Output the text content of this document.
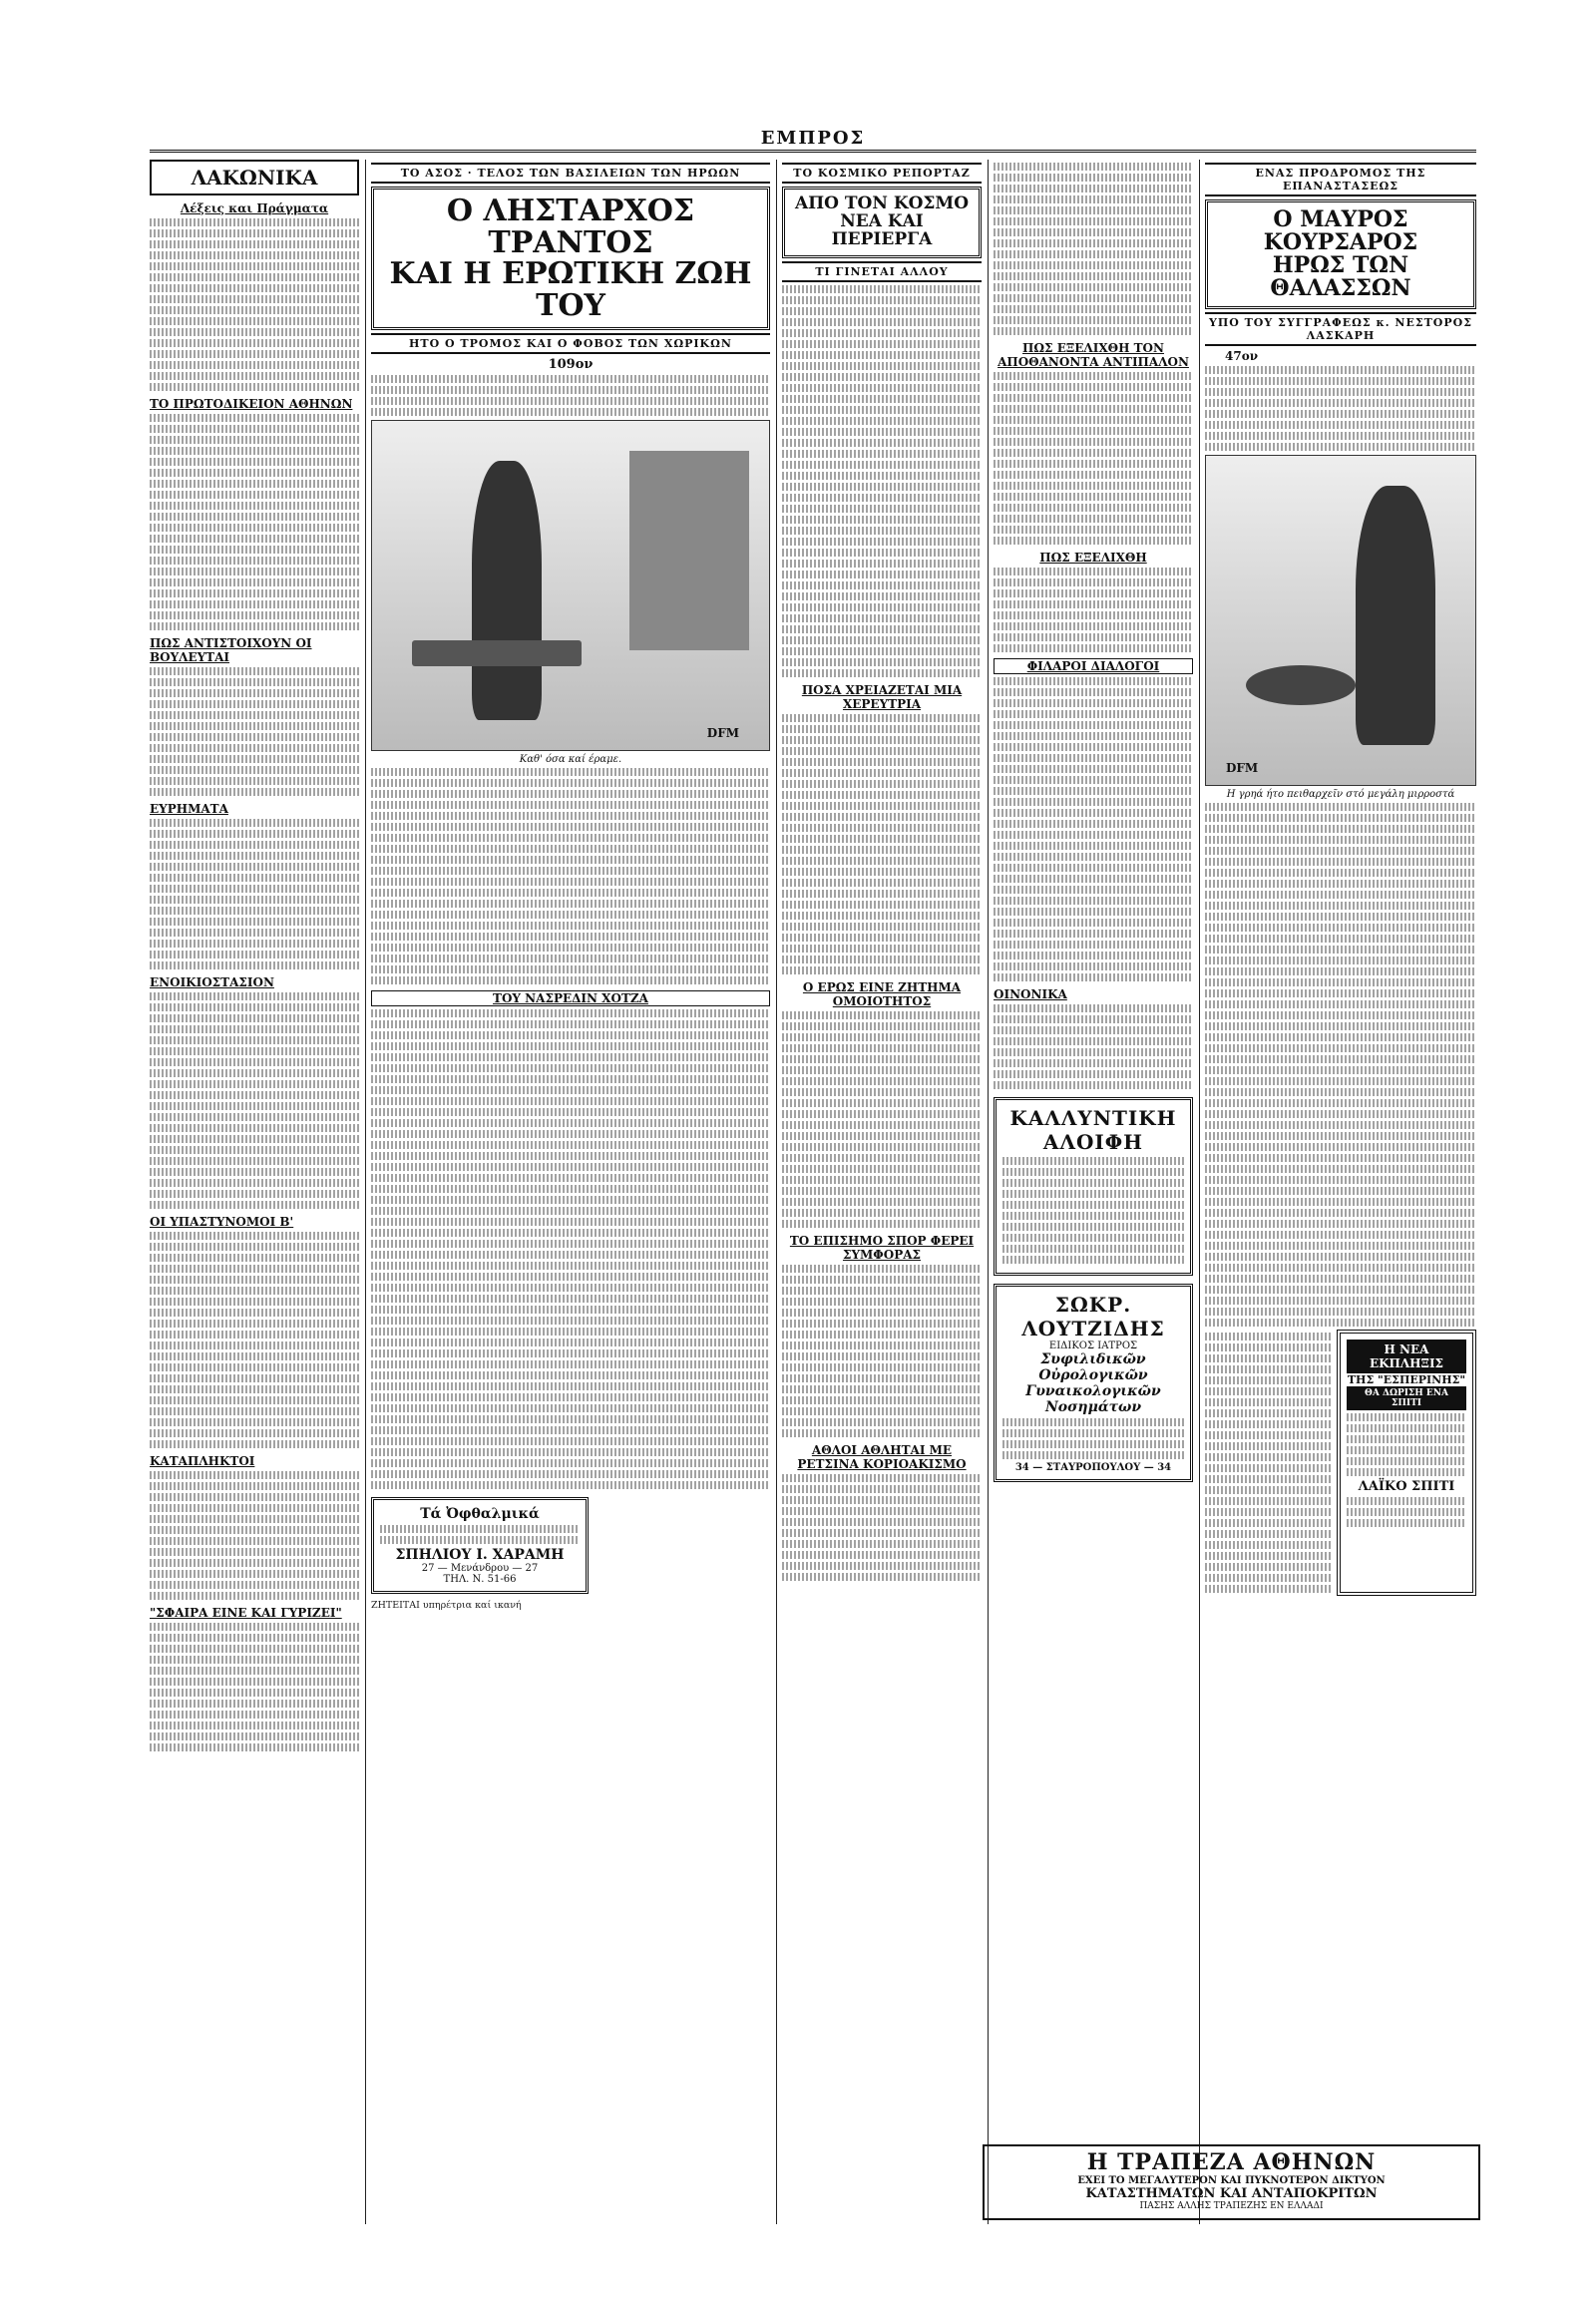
ΕΜΠΡΟΣ
ΛΑΚΩΝΙΚΑ
Λέξεις και Πράγματα
ΤΟ ΠΡΩΤΟΔΙΚΕΙΟΝ ΑΘΗΝΩΝ
ΠΩΣ ΑΝΤΙΣΤΟΙΧΟΥΝ ΟΙ ΒΟΥΛΕΥΤΑΙ
ΕΥΡΗΜΑΤΑ
ΕΝΟΙΚΙΟΣΤΑΣΙΟΝ
ΟΙ ΥΠΑΣΤΥΝΟΜΟΙ Β'
ΚΑΤΑΠΛΗΚΤΟΙ
"ΣΦΑΙΡΑ ΕΙΝΕ ΚΑΙ ΓΥΡΙΖΕΙ"
ΤΟ ΑΣΟΣ · ΤΕΛΟΣ ΤΩΝ ΒΑΣΙΛΕΙΩΝ ΤΩΝ ΗΡΩΩΝ
Ο ΛΗΣΤΑΡΧΟΣ ΤΡΑΝΤΟΣ
ΚΑΙ Η ΕΡΩΤΙΚΗ ΖΩΗ ΤΟΥ
ΗΤΟ Ο ΤΡΟΜΟΣ ΚΑΙ Ο ΦΟΒΟΣ ΤΩΝ ΧΩΡΙΚΩΝ
109ον
DFM
Καθ' όσα καί έραμε.
ΤΟΥ ΝΑΣΡΕΔΙΝ ΧΟΤΖΑ
Τά Ὀφθαλμικά
ΣΠΗΛΙΟΥ Ι. ΧΑΡΑΜΗ
27 — Μενάνδρου — 27
ΤΗΛ. Ν. 51-66
ΖΗΤΕΙΤΑΙ υπηρέτρια καί ικανή
ΤΟ ΚΟΣΜΙΚΟ ΡΕΠΟΡΤΑΖ
ΑΠΟ ΤΟΝ ΚΟΣΜΟ
ΝΕΑ ΚΑΙ ΠΕΡΙΕΡΓΑ
ΤΙ ΓΙΝΕΤΑΙ ΑΛΛΟΥ
ΠΟΣΑ ΧΡΕΙΑΖΕΤΑΙ ΜΙΑ ΧΕΡΕΥΤΡΙΑ
Ο ΕΡΩΣ ΕΙΝΕ ΖΗΤΗΜΑ ΟΜΟΙΟΤΗΤΟΣ
ΤΟ ΕΠΙΣΗΜΟ ΣΠΟΡ ΦΕΡΕΙ ΣΥΜΦΟΡΑΣ
ΑΘΛΟΙ ΑΘΛΗΤΑΙ ΜΕ ΡΕΤΣΙΝΑ ΚΟΡΙΟΑΚΙΣΜΟ
ΠΩΣ ΕΞΕΛΙΧΘΗ ΤΟΝ ΑΠΟΘΑΝΟΝΤΑ ΑΝΤΙΠΑΛΟΝ
ΠΩΣ ΕΞΕΛΙΧΘΗ
ΦΙΛΑΡΟΙ ΔΙΑΛΟΓΟΙ
ΟΙΝΟΝΙΚΑ
ΚΑΛΛΥΝΤΙΚΗ
ΑΛΟΙΦΗ
ΣΩΚΡ. ΛΟΥΤΖΙΔΗΣ
ΕΙΔΙΚΟΣ ΙΑΤΡΟΣ
Συφιλιδικῶν Οὐρολογικῶν Γυναικολογικῶν Νοσημάτων
34 — ΣΤΑΥΡΟΠΟΥΛΟΥ — 34
ΕΝΑΣ ΠΡΟΔΡΟΜΟΣ ΤΗΣ ΕΠΑΝΑΣΤΑΣΕΩΣ
Ο ΜΑΥΡΟΣ ΚΟΥΡΣΑΡΟΣ
ΗΡΩΣ ΤΩΝ ΘΑΛΑΣΣΩΝ
ΥΠΟ ΤΟΥ ΣΥΓΓΡΑΦΕΩΣ κ. ΝΕΣΤΟΡΟΣ ΛΑΣΚΑΡΗ
47ον
DFM
Η γρηά ήτο πειθαρχεῖν στό μεγάλη μιρροστά
Η ΝΕΑ ΕΚΠΛΗΞΙΣ
ΤΗΣ "ΕΣΠΕΡΙΝΗΣ"
ΘΑ ΔΩΡΙΣΗ ΕΝΑ ΣΠΙΤΙ
ΛΑΪΚΟ ΣΠΙΤΙ
Η ΤΡΑΠΕΖΑ ΑΘΗΝΩΝ
ΕΧΕΙ ΤΟ ΜΕΓΑΛΥΤΕΡΟΝ ΚΑΙ ΠΥΚΝΟΤΕΡΟΝ ΔΙΚΤΥΟΝ
ΚΑΤΑΣΤΗΜΑΤΩΝ ΚΑΙ ΑΝΤΑΠΟΚΡΙΤΩΝ
ΠΑΣΗΣ ΑΛΛΗΣ ΤΡΑΠΕΖΗΣ ΕΝ ΕΛΛΑΔΙ
